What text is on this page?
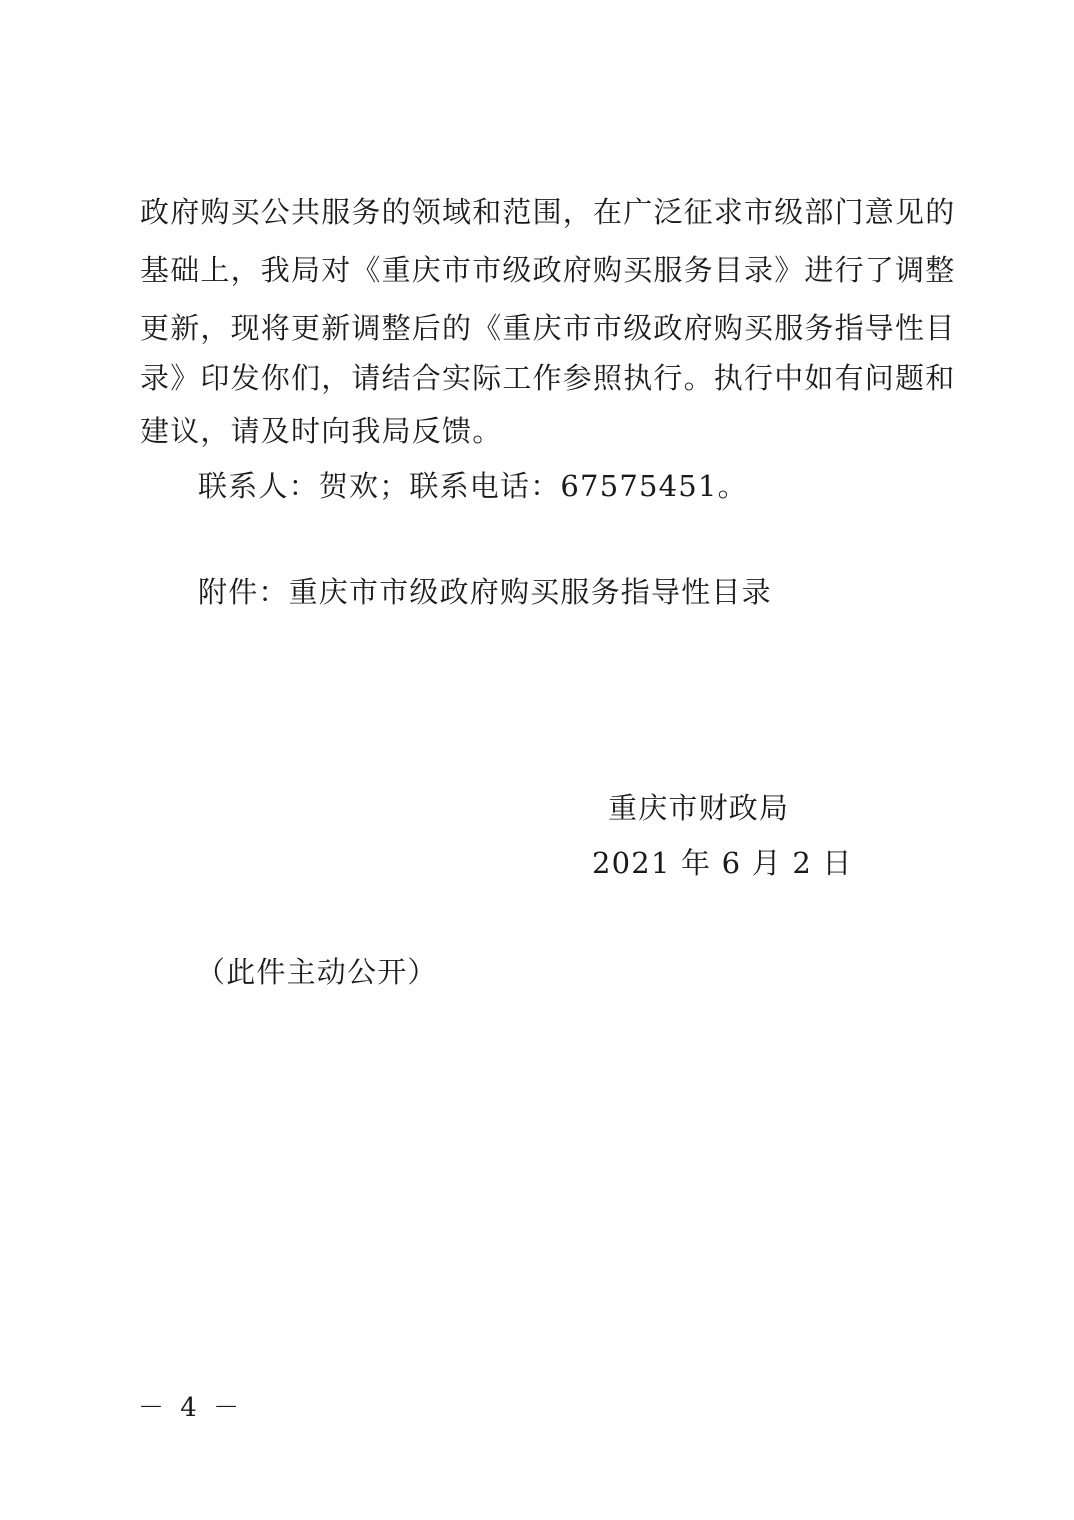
政府购买公共服务的领域和范围，在广泛征求市级部门意见的
基础上，我局对《重庆市市级政府购买服务目录》进行了调整
更新，现将更新调整后的《重庆市市级政府购买服务指导性目
录》印发你们，请结合实际工作参照执行。执行中如有问题和
建议，请及时向我局反馈。
联系人：贺欢；联系电话：67575451。
附件：重庆市市级政府购买服务指导性目录
重庆市财政局
2021 年 6 月 2 日
（此件主动公开）
－ 4 －
